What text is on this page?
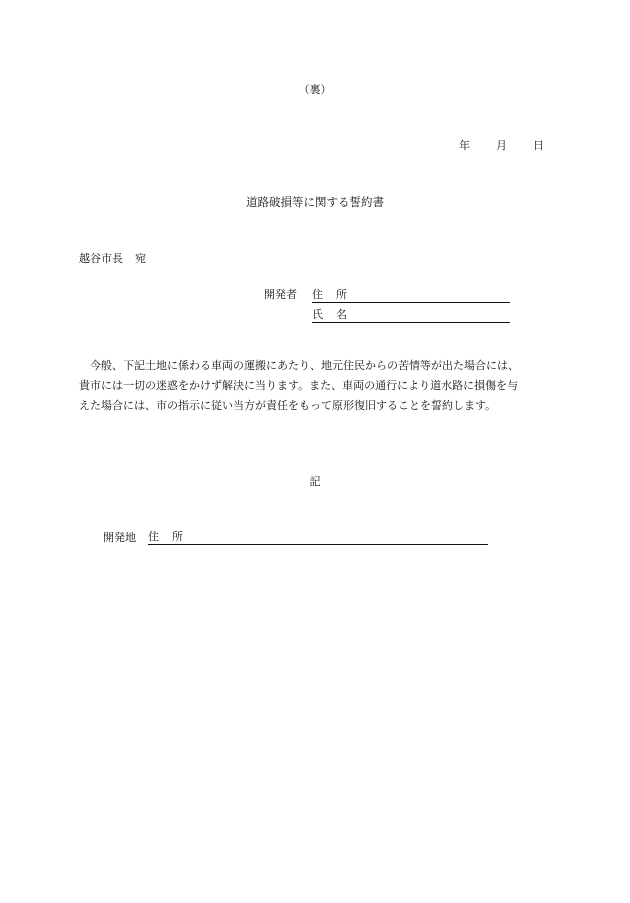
（裏）
年 月 日
道路破損等に関する誓約書
越谷市長 宛
開発者 住 所
氏 名

　今般、下記土地に係わる車両の運搬にあたり、地元住民からの苦情等が出た場合には、

貴市には一切の迷惑をかけず解決に当ります。また、車両の通行により道水路に損傷を与

えた場合には、市の指示に従い当方が責任をもって原形復旧することを誓約します。

記
開発地	住 所
